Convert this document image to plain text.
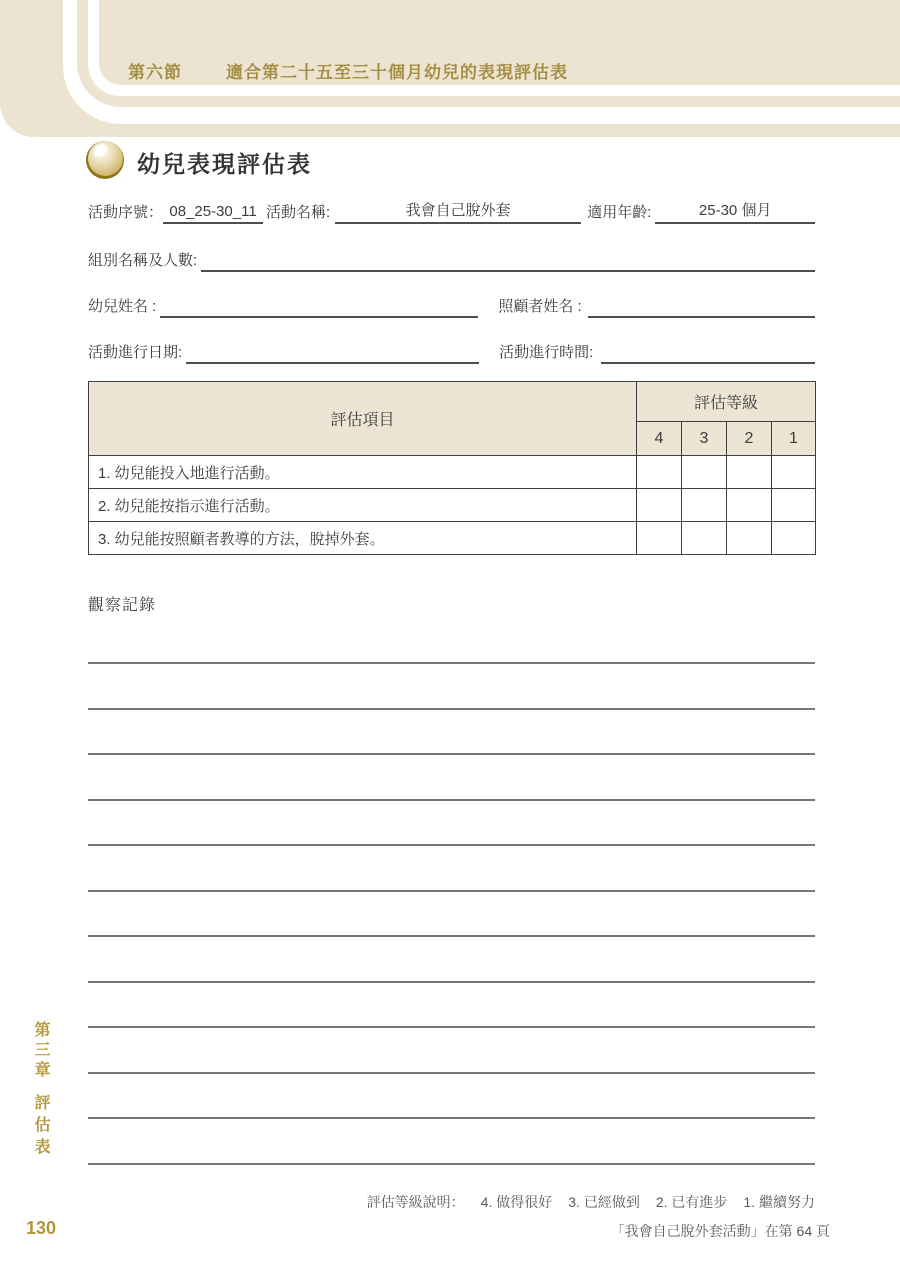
第六節	適合第二十五至三十個月幼兒的表現評估表
幼兒表現評估表
活動序號： 08_25-30_11 活動名稱:	我會自己脫外套	適用年齡:	25-30 個月
組別名稱及人數:
幼兒姓名 :	照顧者姓名 :
活動進行日期:	活動進行時間:
評估項目	評估等級			
	4	3	2	1
1. 幼兒能投入地進行活動。				
2. 幼兒能按指示進行活動。				
3. 幼兒能按照顧者教導的方法，脫掉外套。				
觀察記錄
第三章
評估表
評估等級說明： 4. 做得很好 3. 已經做到 2. 已有進步 1. 繼續努力
「我會自己脫外套活動」在第 64 頁
130
